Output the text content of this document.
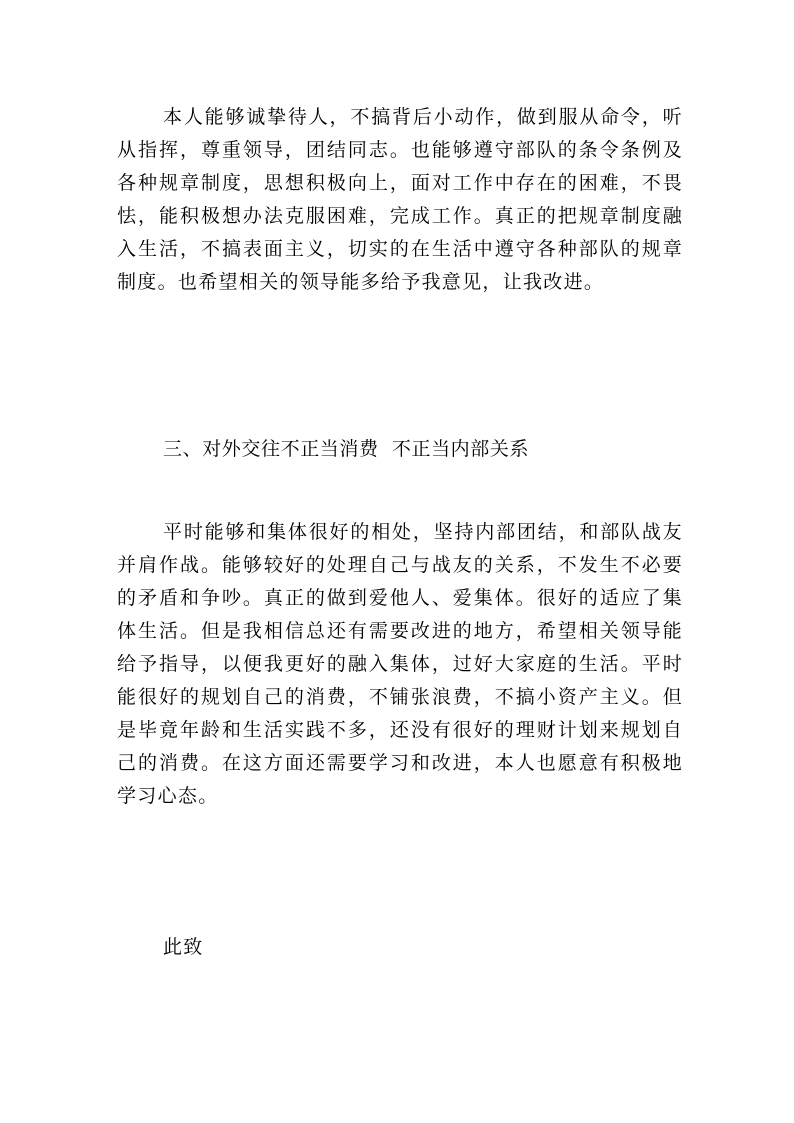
本人能够诚挚待人，不搞背后小动作，做到服从命令，听从指挥，尊重领导，团结同志。也能够遵守部队的条令条例及各种规章制度，思想积极向上，面对工作中存在的困难，不畏怯，能积极想办法克服困难，完成工作。真正的把规章制度融入生活，不搞表面主义，切实的在生活中遵守各种部队的规章制度。也希望相关的领导能多给予我意见，让我改进。

三、对外交往不正当消费  不正当内部关系

平时能够和集体很好的相处，坚持内部团结，和部队战友并肩作战。能够较好的处理自己与战友的关系，不发生不必要的矛盾和争吵。真正的做到爱他人、爱集体。很好的适应了集体生活。但是我相信总还有需要改进的地方，希望相关领导能给予指导，以便我更好的融入集体，过好大家庭的生活。平时能很好的规划自己的消费，不铺张浪费，不搞小资产主义。但是毕竟年龄和生活实践不多，还没有很好的理财计划来规划自己的消费。在这方面还需要学习和改进，本人也愿意有积极地学习心态。

此致
